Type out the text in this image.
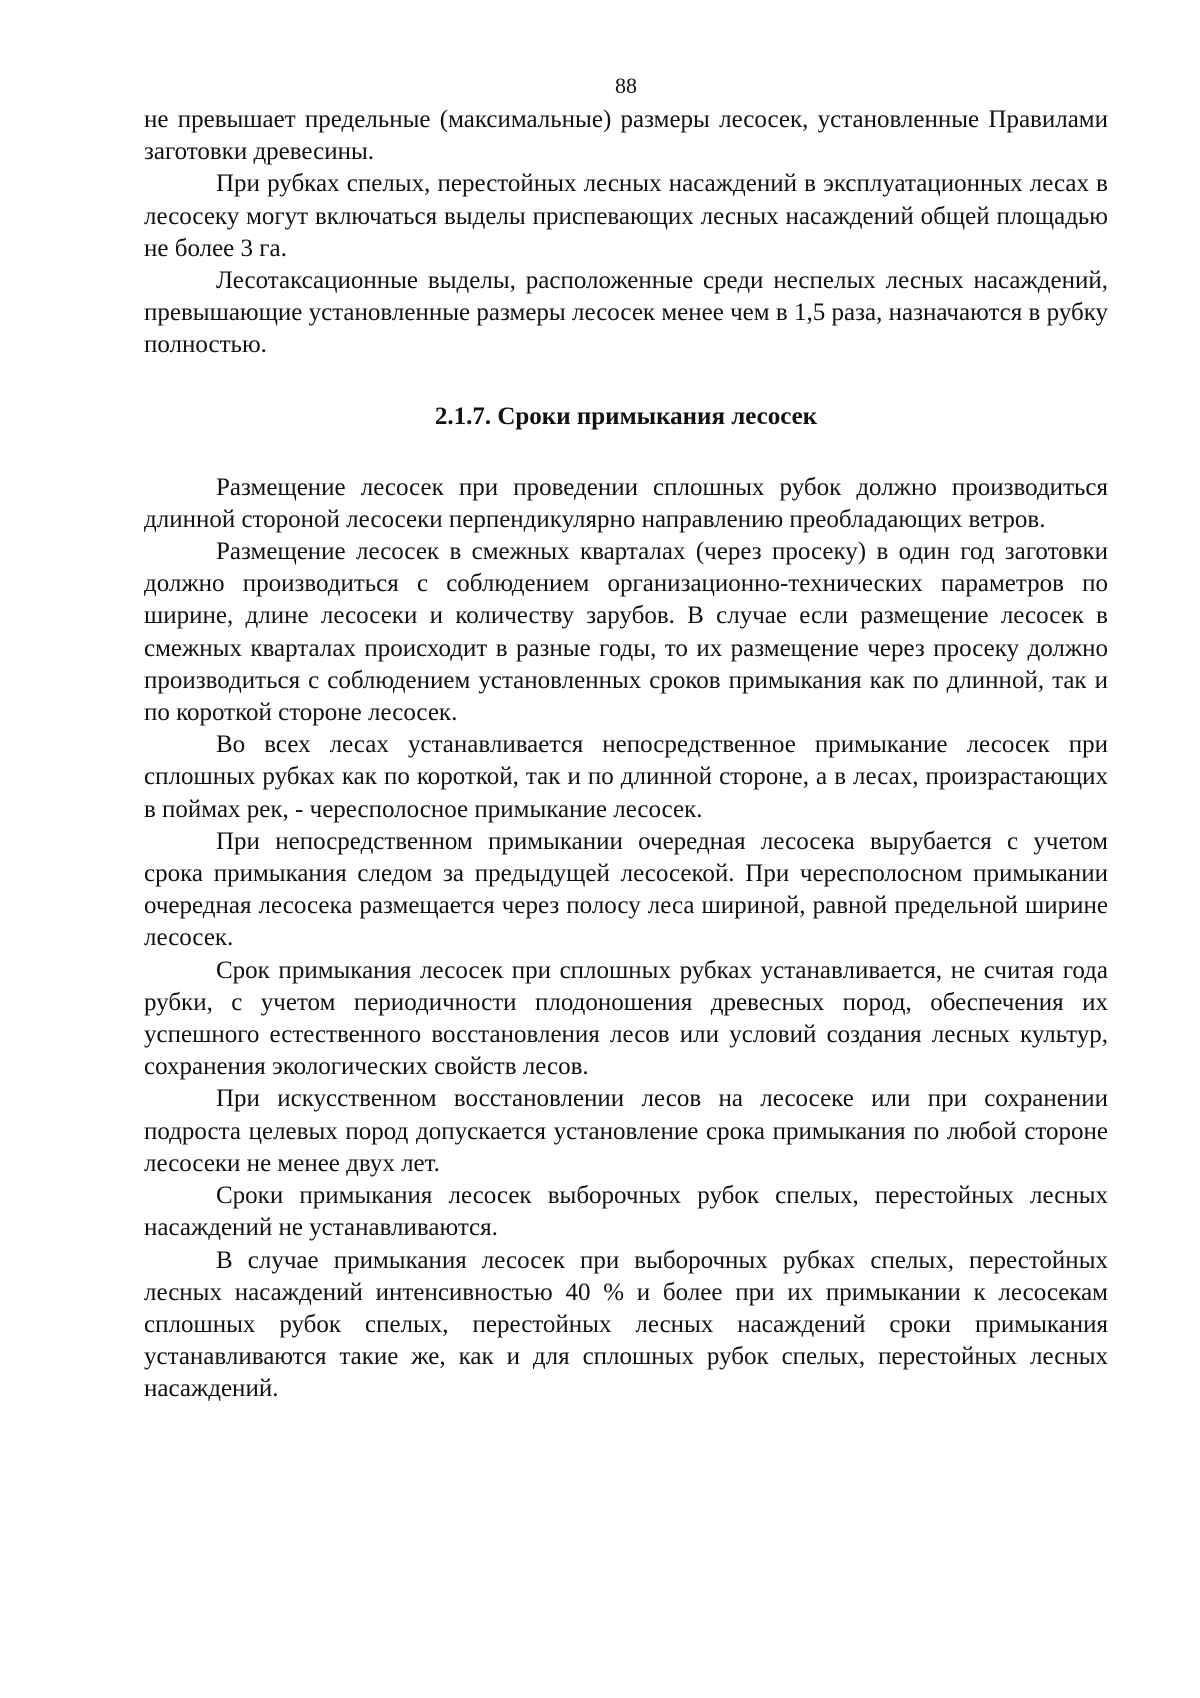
88

не превышает предельные (максимальные) размеры лесосек, установленные Правилами заготовки древесины.

При рубках спелых, перестойных лесных насаждений в эксплуатационных лесах в лесосеку могут включаться выделы приспевающих лесных насаждений общей площадью не более 3 га.

Лесотаксационные выделы, расположенные среди неспелых лесных насаждений, превышающие установленные размеры лесосек менее чем в 1,5 раза, назначаются в рубку полностью.

2.1.7. Сроки примыкания лесосек

Размещение лесосек при проведении сплошных рубок должно производиться длинной стороной лесосеки перпендикулярно направлению преобладающих ветров.

Размещение лесосек в смежных кварталах (через просеку) в один год заготовки должно производиться с соблюдением организационно-технических параметров по ширине, длине лесосеки и количеству зарубов. В случае если размещение лесосек в смежных кварталах происходит в разные годы, то их размещение через просеку должно производиться с соблюдением установленных сроков примыкания как по длинной, так и по короткой стороне лесосек.

Во всех лесах устанавливается непосредственное примыкание лесосек при сплошных рубках как по короткой, так и по длинной стороне, а в лесах, произрастающих в поймах рек, - чересполосное примыкание лесосек.

При непосредственном примыкании очередная лесосека вырубается с учетом срока примыкания следом за предыдущей лесосекой. При чересполосном примыкании очередная лесосека размещается через полосу леса шириной, равной предельной ширине лесосек.

Срок примыкания лесосек при сплошных рубках устанавливается, не считая года рубки, с учетом периодичности плодоношения древесных пород, обеспечения их успешного естественного восстановления лесов или условий создания лесных культур, сохранения экологических свойств лесов.

При искусственном восстановлении лесов на лесосеке или при сохранении подроста целевых пород допускается установление срока примыкания по любой стороне лесосеки не менее двух лет.

Сроки примыкания лесосек выборочных рубок спелых, перестойных лесных насаждений не устанавливаются.

В случае примыкания лесосек при выборочных рубках спелых, перестойных лесных насаждений интенсивностью 40 % и более при их примыкании к лесосекам сплошных рубок спелых, перестойных лесных насаждений сроки примыкания устанавливаются такие же, как и для сплошных рубок спелых, перестойных лесных насаждений.
